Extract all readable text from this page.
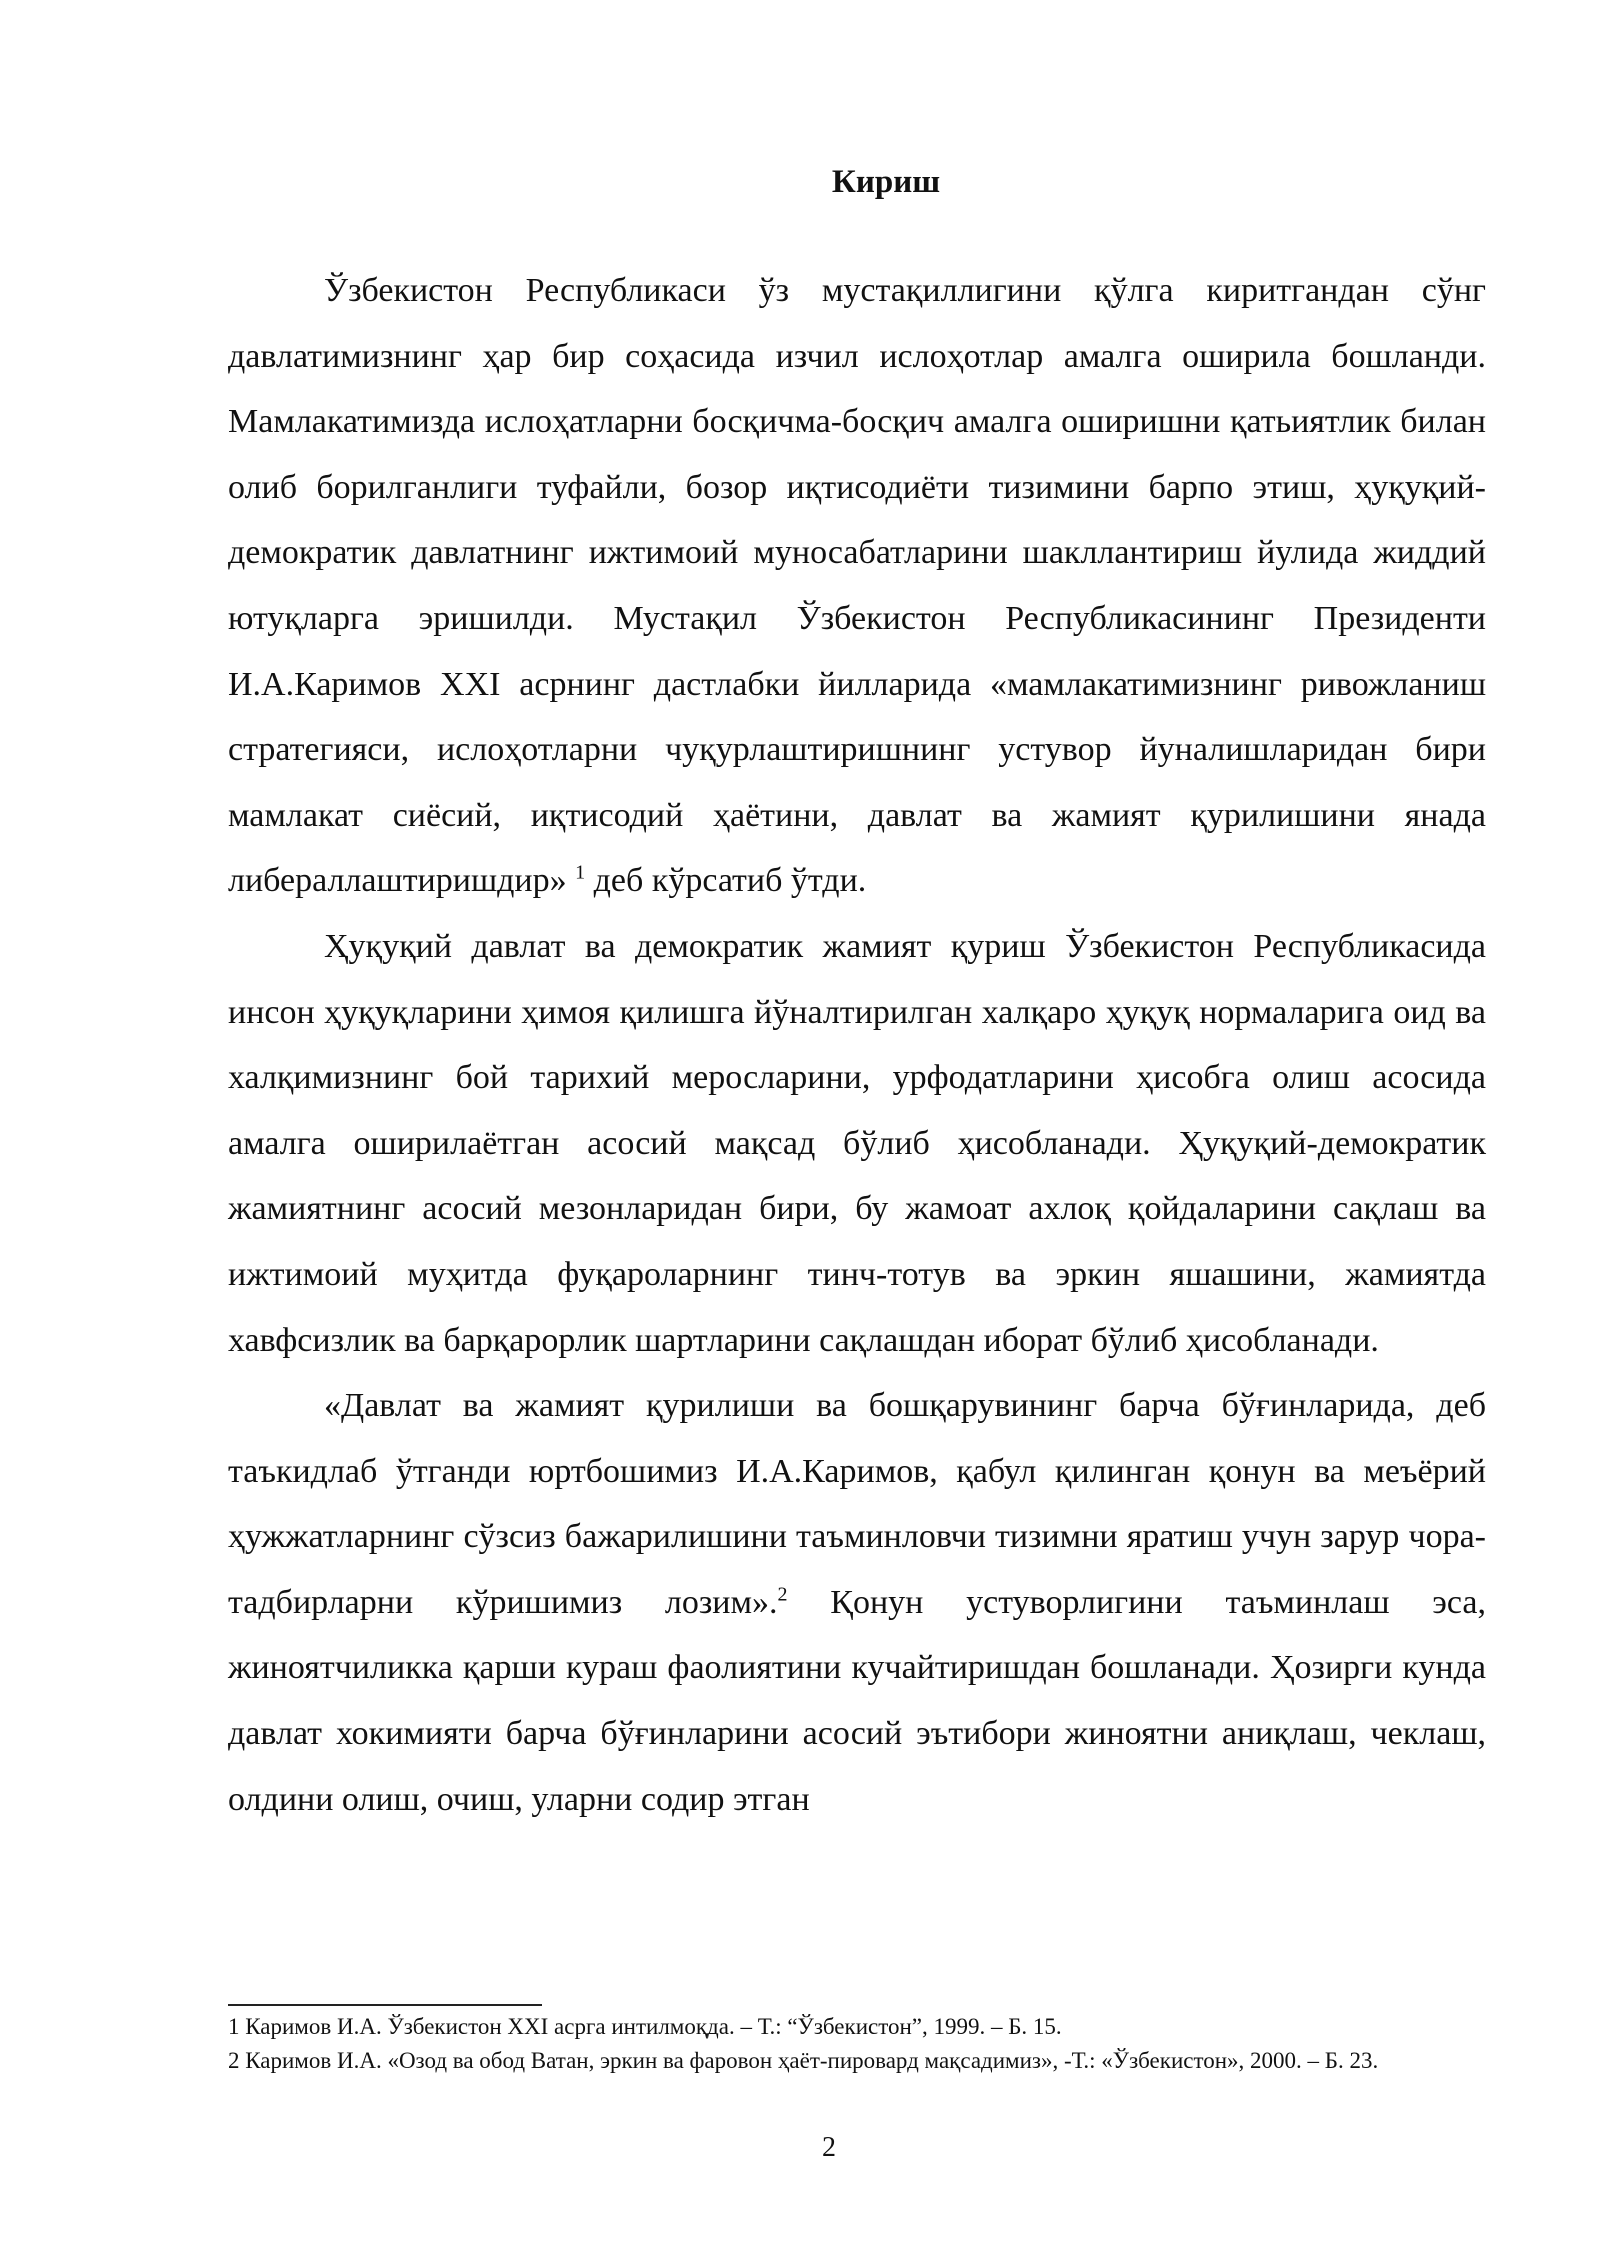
Кириш

Ўзбекистон Республикаси ўз мустақиллигини қўлга киритгандан сўнг давлатимизнинг ҳар бир соҳасида изчил ислоҳотлар амалга оширила бошланди. Мамлакатимизда ислоҳатларни босқичма-босқич амалга оширишни қатьиятлик билан олиб борилганлиги туфайли, бозор иқтисодиёти тизимини барпо этиш, ҳуқуқий-демократик давлатнинг ижтимоий муносабатларини шакллантириш йулида жиддий ютуқларга эришилди. Мустақил Ўзбекистон Республикасининг Президенти И.А.Каримов XXI асрнинг дастлабки йилларида «мамлакатимизнинг ривожланиш стратегияси, ислоҳотларни чуқурлаштиришнинг устувор йуналишларидан бири мамлакат сиёсий, иқтисодий ҳаётини, давлат ва жамият қурилишини янада либераллаштиришдир» $^1$ деб кўрсатиб ўтди.

Ҳуқуқий давлат ва демократик жамият қуриш Ўзбекистон Республикасида инсон ҳуқуқларини ҳимоя қилишга йўналтирилган халқаро ҳуқуқ нормаларига оид ва халқимизнинг бой тарихий меросларини, урфодатларини ҳисобга олиш асосида амалга оширилаётган асосий мақсад бўлиб ҳисобланади. Ҳуқуқий-демократик жамиятнинг асосий мезонларидан бири, бу жамоат ахлоқ қойдаларини сақлаш ва ижтимоий муҳитда фуқароларнинг тинч-тотув ва эркин яшашини, жамиятда хавфсизлик ва барқарорлик шартларини сақлашдан иборат бўлиб ҳисобланади.

«Давлат ва жамият қурилиши ва бошқарувининг барча бўғинларида, деб таъкидлаб ўтганди юртбошимиз И.А.Каримов, қабул қилинган қонун ва меъёрий ҳужжатларнинг сўзсиз бажарилишини таъминловчи тизимни яратиш учун зарур чора-тадбирларни кўришимиз лозим».$^2$ Қонун устуворлигини таъминлаш эса, жиноятчиликка қарши кураш фаолиятини кучайтиришдан бошланади. Ҳозирги кунда давлат хокимияти барча бўғинларини асосий эътибори жиноятни аниқлаш, чеклаш, олдини олиш, очиш, уларни содир этган

1 Каримов И.А. Ўзбекистон XXI асрга интилмоқда. – Т.: “Ўзбекистон”, 1999. – Б. 15.

2 Каримов И.А. «Озод ва обод Ватан, эркин ва фаровон ҳаёт-пировард мақсадимиз», -Т.: «Ўзбекистон», 2000. – Б. 23.

2
